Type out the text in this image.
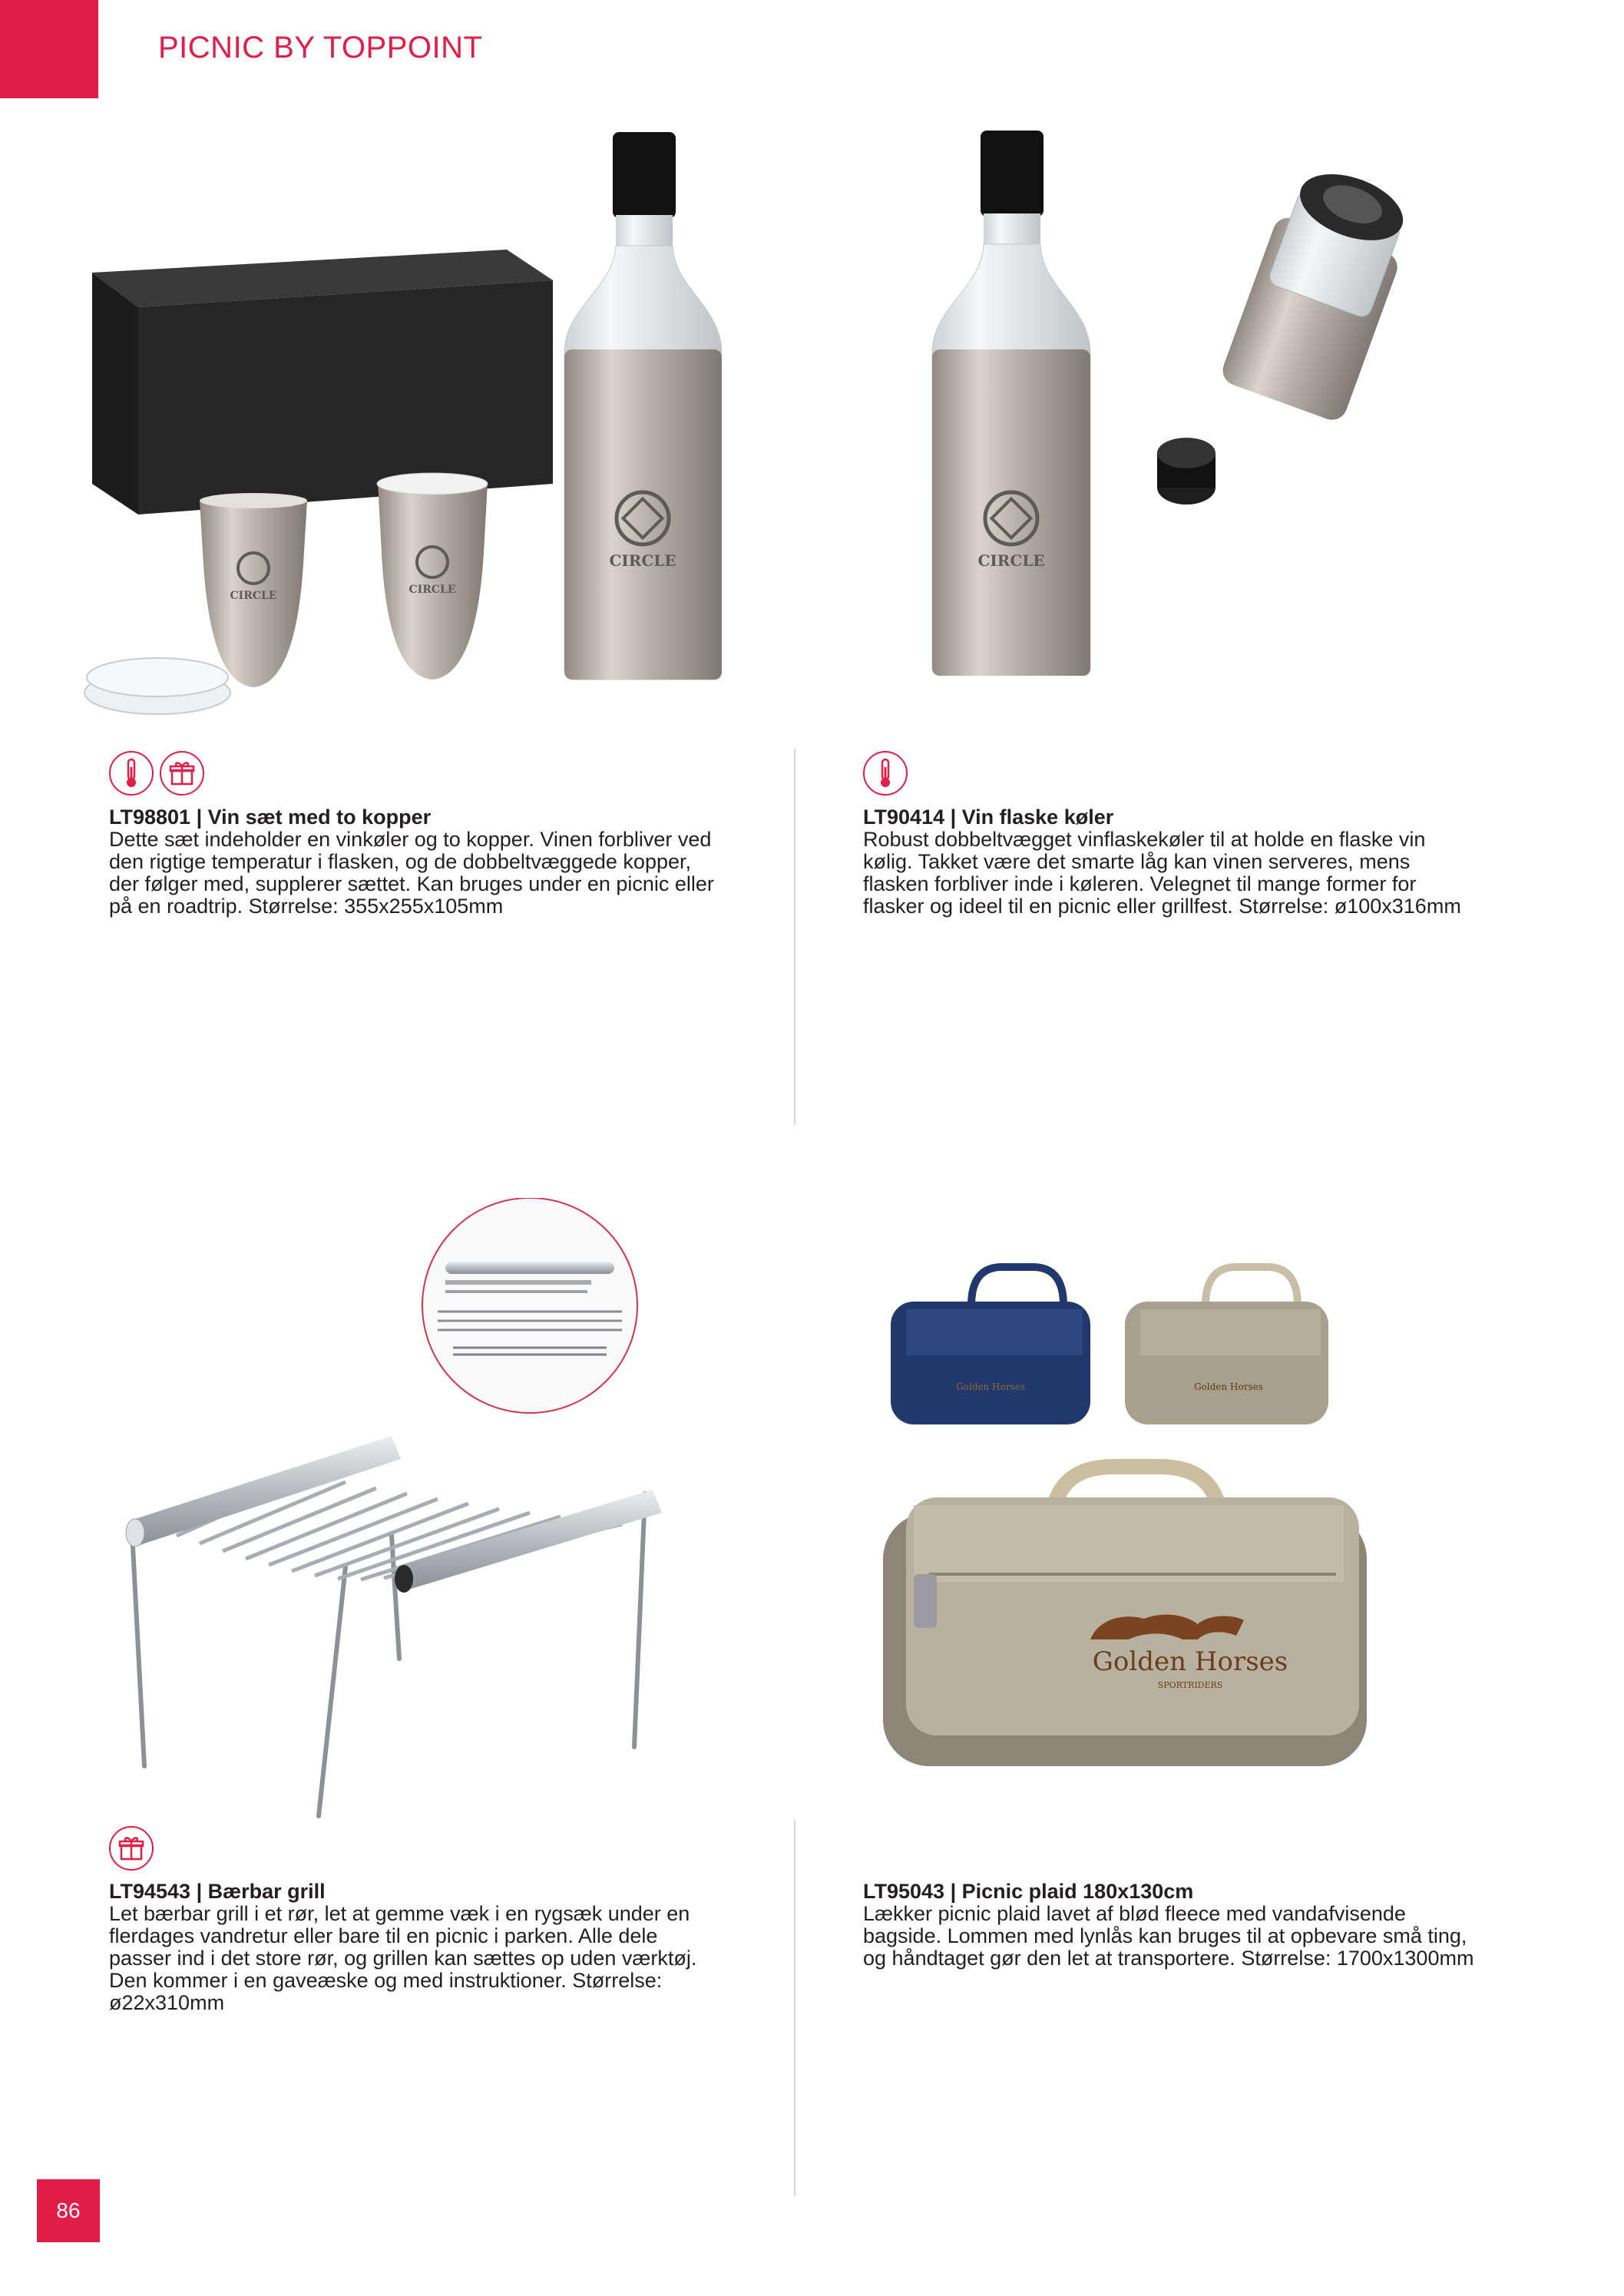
PICNIC BY TOPPOINT
CIRCLE
CIRCLE	CIRCLE
CIRCLE
LT98801 | Vin sæt med to kopper
Dette sæt indeholder en vinkøler og to kopper. Vinen forbliver ved den rigtige temperatur i flasken, og de dobbeltvæggede kopper, der følger med, supplerer sættet. Kan bruges under en picnic eller på en roadtrip. Størrelse: 355x255x105mm
LT90414 | Vin flaske køler
Robust dobbeltvægget vinflaskekøler til at holde en flaske vin kølig. Takket være det smarte låg kan vinen serveres, mens flasken forbliver inde i køleren. Velegnet til mange former for flasker og ideel til en picnic eller grillfest. Størrelse: ø100x316mm
Golden Horses	Golden Horses
Golden Horses
SPORTRIDERS
LT94543 | Bærbar grill
Let bærbar grill i et rør, let at gemme væk i en rygsæk under en flerdages vandretur eller bare til en picnic i parken. Alle dele passer ind i det store rør, og grillen kan sættes op uden værktøj. Den kommer i en gaveæske og med instruktioner. Størrelse: ø22x310mm
LT95043 | Picnic plaid 180x130cm
Lækker picnic plaid lavet af blød fleece med vandafvisende bagside. Lommen med lynlås kan bruges til at opbevare små ting, og håndtaget gør den let at transportere. Størrelse: 1700x1300mm
86
